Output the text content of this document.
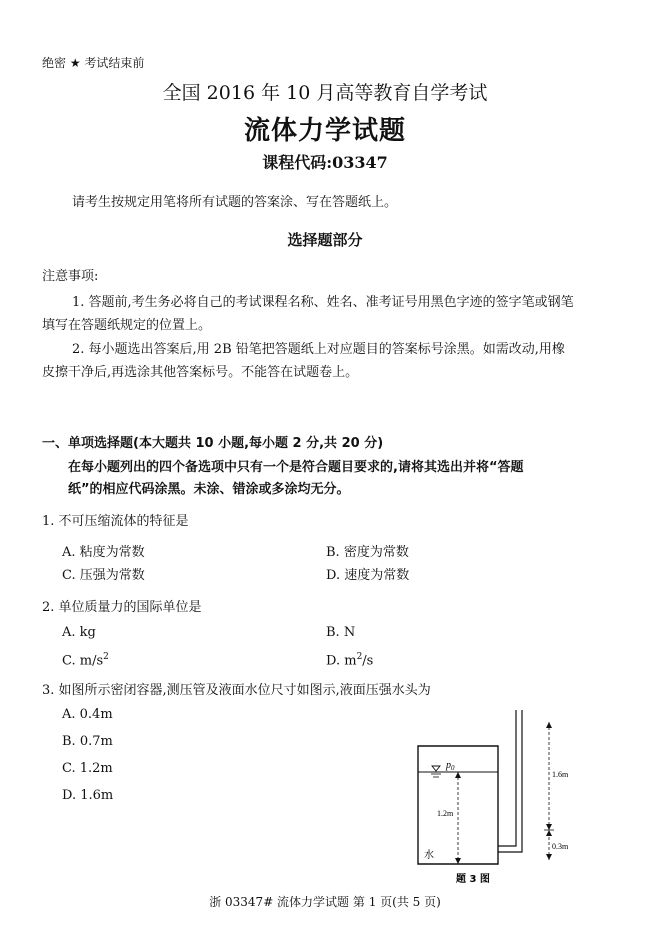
绝密 ★ 考试结束前
全国 2016 年 10 月高等教育自学考试
流体力学试题
课程代码:03347
请考生按规定用笔将所有试题的答案涂、写在答题纸上。
选择题部分
注意事项:
1. 答题前,考生务必将自己的考试课程名称、姓名、准考证号用黑色字迹的签字笔或钢笔
填写在答题纸规定的位置上。
2. 每小题选出答案后,用 2B 铅笔把答题纸上对应题目的答案标号涂黑。如需改动,用橡
皮擦干净后,再选涂其他答案标号。不能答在试题卷上。
一、单项选择题(本大题共 10 小题,每小题 2 分,共 20 分)
在每小题列出的四个备选项中只有一个是符合题目要求的,请将其选出并将“答题
纸”的相应代码涂黑。未涂、错涂或多涂均无分。
1. 不可压缩流体的特征是
A. 粘度为常数	B. 密度为常数
C. 压强为常数	D. 速度为常数
2. 单位质量力的国际单位是
A. kg	B. N
C. $m/s^2$	D. $m^2/s$
3. 如图所示密闭容器,测压管及液面水位尺寸如图示,液面压强水头为
A. 0.4m
B. 0.7m
C. 1.2m
D. 1.6m
$p_0$
1.2m
水
1.6m
0.3m
题 3 图
浙 03347# 流体力学试题 第 1 页(共 5 页)
